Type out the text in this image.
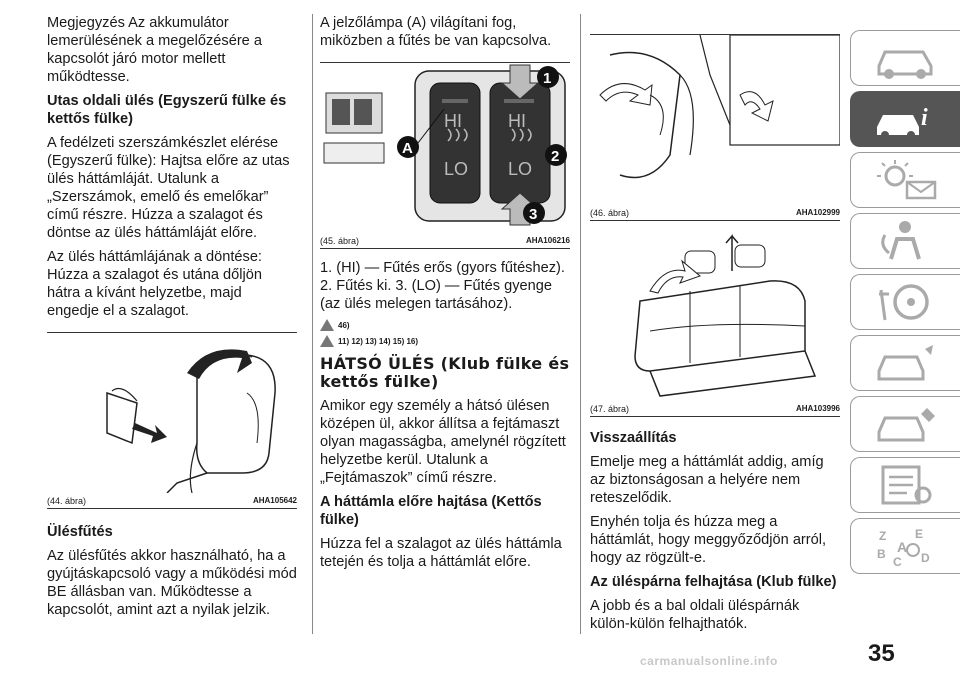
Megjegyzés Az akkumulátor lemerülésének a megelőzésére a kapcsolót járó motor mellett működtesse.

Utas oldali ülés (Egyszerű fülke és kettős fülke)

A fedélzeti szerszámkészlet elérése (Egyszerű fülke): Hajtsa előre az utas ülés háttámláját. Utalunk a „Szerszámok, emelő és emelőkar” című részre. Húzza a szalagot és döntse az ülés háttámláját előre.

Az ülés háttámlájának a döntése: Húzza a szalagot és utána dőljön hátra a kívánt helyzetbe, majd engedje el a szalagot.

(44. ábra)	AHA105642
Ülésfűtés

Az ülésfűtés akkor használható, ha a gyújtáskapcsoló vagy a működési mód BE állásban van. Működtesse a kapcsolót, amint azt a nyilak jelzik.

A jelzőlámpa (A) világítani fog, miközben a fűtés be van kapcsolva.

HI
LO
HI
LO
1
2
3
A
(45. ábra)	AHA106216

1. (HI) — Fűtés erős (gyors fűtéshez). 2. Fűtés ki. 3. (LO) — Fűtés gyenge (az ülés melegen tartásához).

46)
11) 12) 13) 14) 15) 16)
HÁTSÓ ÜLÉS (Klub fülke és kettős fülke)

Amikor egy személy a hátsó ülésen középen ül, akkor állítsa a fejtámaszt olyan magasságba, amelynél rögzített helyzetbe kerül. Utalunk a „Fejtámaszok” című részre.

A háttámla előre hajtása (Kettős fülke)

Húzza fel a szalagot az ülés háttámla tetején és tolja a háttámlát előre.

(46. ábra)	AHA102999
(47. ábra)	AHA103996
Visszaállítás

Emelje meg a háttámlát addig, amíg az biztonságosan a helyére nem reteszelődik.

Enyhén tolja és húzza meg a háttámlát, hogy meggyőződjön arról, hogy az rögzült-e.

Az üléspárna felhajtása (Klub fülke)

A jobb és a bal oldali üléspárnák külön-külön felhajthatók.

i
Z E
B A
C D
35
carmanualsonline.info
